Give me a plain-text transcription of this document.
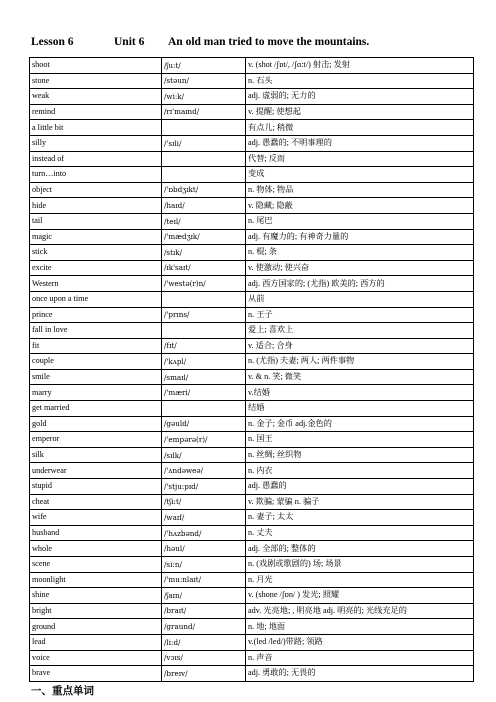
Lesson 6	Unit 6 An old man tried to move the mountains.
shoot	/ʃu:t/	v. (shot /ʃɒt/, /ʃɑ:t/) 射击; 发射
stone	/stəun/	n. 石头
weak	/wi:k/	adj. 虚弱的; 无力的
remind	/rɪ'maɪnd/	v. 提醒; 使想起
a little bit		有点儿; 稍微
silly	/'sɪli/	adj. 愚蠢的; 不明事理的
instead of		代替; 反而
turn…into		变成
object	/'ɒbdʒɪkt/	n. 物体; 物品
hide	/haɪd/	v. 隐藏; 隐蔽
tail	/teɪl/	n. 尾巴
magic	/'mædʒɪk/	adj. 有魔力的; 有神奇力量的
stick	/stɪk/	n. 棍; 条
excite	/ɪk'saɪt/	v. 使激动; 使兴奋
Western	/'westə(r)n/	adj. 西方国家的; (尤指) 欧美的; 西方的
once upon a time		从前
prince	/'prɪns/	n. 王子
fall in love		爱上; 喜欢上
fit	/fɪt/	v. 适合; 合身
couple	/'kʌpl/	n. (尤指) 夫妻; 两人; 两件事物
smile	/smaɪl/	v. & n. 笑; 微笑
marry	/'mæri/	v.结婚
get married		结婚
gold	/gəuld/	n. 金子; 金币 adj.金色的
emperor	/'empərə(r)/	n. 国王
silk	/sɪlk/	n. 丝绸; 丝织物
underwear	/'ʌndəweə/	n. 内衣
stupid	/'stju:pɪd/	adj. 愚蠢的
cheat	/tʃi:t/	v. 欺骗; 蒙骗 n. 骗子
wife	/waɪf/	n. 妻子; 太太
husband	/'hʌzbənd/	n. 丈夫
whole	/həul/	adj. 全部的; 整体的
scene	/si:n/	n. (戏剧或歌剧的) 场; 场景
moonlight	/'mu:nlaɪt/	n. 月光
shine	/ʃaɪn/	v. (shone /ʃɒn/ ) 发光; 照耀
bright	/braɪt/	adv. 光亮地; , 明亮地 adj. 明亮的; 光线充足的
ground	/graund/	n. 地; 地面
lead	/li:d/	v.(led /led/)带路; 领路
voice	/vɔɪs/	n. 声音
brave	/breɪv/	adj. 勇敢的; 无畏的
一、重点单词
